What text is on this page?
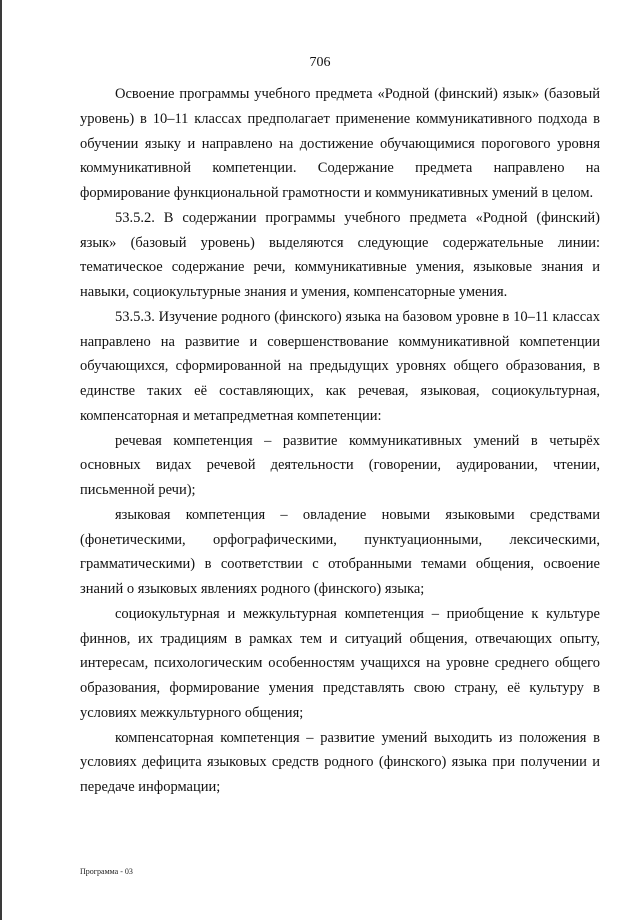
706

Освоение программы учебного предмета «Родной (финский) язык» (базовый уровень) в 10–11 классах предполагает применение коммуникативного подхода в обучении языку и направлено на достижение обучающимися порогового уровня коммуникативной компетенции. Содержание предмета направлено на формирование функциональной грамотности и коммуникативных умений в целом.

53.5.2. В содержании программы учебного предмета «Родной (финский) язык» (базовый уровень) выделяются следующие содержательные линии: тематическое содержание речи, коммуникативные умения, языковые знания и навыки, социокультурные знания и умения, компенсаторные умения.

53.5.3. Изучение родного (финского) языка на базовом уровне в 10–11 классах направлено на развитие и совершенствование коммуникативной компетенции обучающихся, сформированной на предыдущих уровнях общего образования, в единстве таких её составляющих, как речевая, языковая, социокультурная, компенсаторная и метапредметная компетенции:

речевая компетенция – развитие коммуникативных умений в четырёх основных видах речевой деятельности (говорении, аудировании, чтении, письменной речи);

языковая компетенция – овладение новыми языковыми средствами (фонетическими, орфографическими, пунктуационными, лексическими, грамматическими) в соответствии с отобранными темами общения, освоение знаний о языковых явлениях родного (финского) языка;

социокультурная и межкультурная компетенция – приобщение к культуре финнов, их традициям в рамках тем и ситуаций общения, отвечающих опыту, интересам, психологическим особенностям учащихся на уровне среднего общего образования, формирование умения представлять свою страну, её культуру в условиях межкультурного общения;

компенсаторная компетенция – развитие умений выходить из положения в условиях дефицита языковых средств родного (финского) языка при получении и передаче информации;

Программа - 03
